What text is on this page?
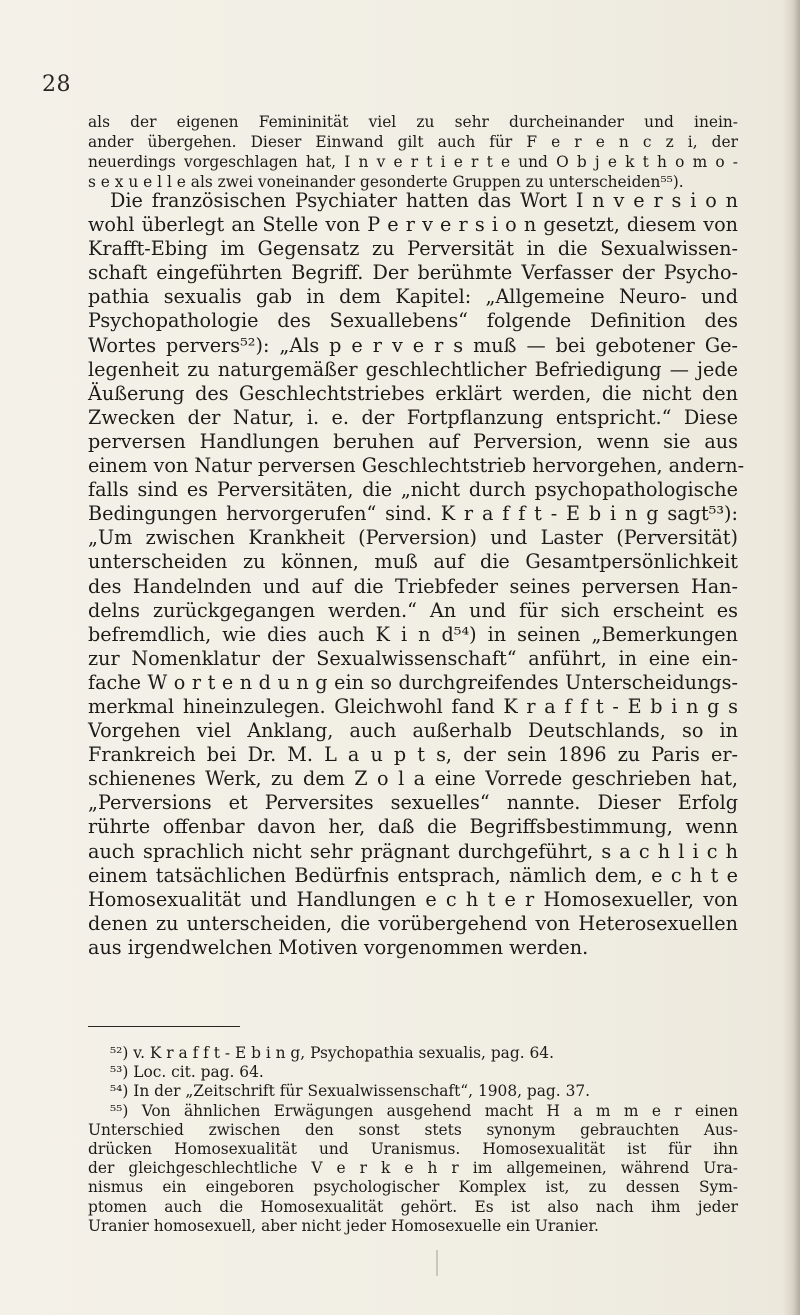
28
als der eigenen Femininität viel zu sehr durcheinander und inein-
ander übergehen. Dieser Einwand gilt auch für F e r e n c z i, der
neuerdings vorgeschlagen hat, I n v e r t i e r t e und O b j e k t h o m o -
s e x u e l l e als zwei voneinander gesonderte Gruppen zu unterscheiden⁵⁵).
Die französischen Psychiater hatten das Wort I n v e r s i o n
wohl überlegt an Stelle von P e r v e r s i o n gesetzt, diesem von
Krafft-Ebing im Gegensatz zu Perversität in die Sexualwissen-
schaft eingeführten Begriff. Der berühmte Verfasser der Psycho-
pathia sexualis gab in dem Kapitel: „Allgemeine Neuro- und
Psychopathologie des Sexuallebens“ folgende Definition des
Wortes pervers⁵²): „Als p e r v e r s muß — bei gebotener Ge-
legenheit zu naturgemäßer geschlechtlicher Befriedigung — jede
Äußerung des Geschlechtstriebes erklärt werden, die nicht den
Zwecken der Natur, i. e. der Fortpflanzung entspricht.“ Diese
perversen Handlungen beruhen auf Perversion, wenn sie aus
einem von Natur perversen Geschlechtstrieb hervorgehen, andern-
falls sind es Perversitäten, die „nicht durch psychopathologische
Bedingungen hervorgerufen“ sind. K r a f f t - E b i n g sagt⁵³):
„Um zwischen Krankheit (Perversion) und Laster (Perversität)
unterscheiden zu können, muß auf die Gesamtpersönlichkeit
des Handelnden und auf die Triebfeder seines perversen Han-
delns zurückgegangen werden.“ An und für sich erscheint es
befremdlich, wie dies auch K i n d⁵⁴) in seinen „Bemerkungen
zur Nomenklatur der Sexualwissenschaft“ anführt, in eine ein-
fache W o r t e n d u n g ein so durchgreifendes Unterscheidungs-
merkmal hineinzulegen. Gleichwohl fand K r a f f t - E b i n g s
Vorgehen viel Anklang, auch außerhalb Deutschlands, so in
Frankreich bei Dr. M. L a u p t s, der sein 1896 zu Paris er-
schienenes Werk, zu dem Z o l a eine Vorrede geschrieben hat,
„Perversions et Perversites sexuelles“ nannte. Dieser Erfolg
rührte offenbar davon her, daß die Begriffsbestimmung, wenn
auch sprachlich nicht sehr prägnant durchgeführt, s a c h l i c h
einem tatsächlichen Bedürfnis entsprach, nämlich dem, e c h t e
Homosexualität und Handlungen e c h t e r Homosexueller, von
denen zu unterscheiden, die vorübergehend von Heterosexuellen
aus irgendwelchen Motiven vorgenommen werden.
⁵²) v. K r a f f t - E b i n g, Psychopathia sexualis, pag. 64.
⁵³) Loc. cit. pag. 64.
⁵⁴) In der „Zeitschrift für Sexualwissenschaft“, 1908, pag. 37.
⁵⁵) Von ähnlichen Erwägungen ausgehend macht H a m m e r einen
Unterschied zwischen den sonst stets synonym gebrauchten Aus-
drücken Homosexualität und Uranismus. Homosexualität ist für ihn
der gleichgeschlechtliche V e r k e h r im allgemeinen, während Ura-
nismus ein eingeboren psychologischer Komplex ist, zu dessen Sym-
ptomen auch die Homosexualität gehört. Es ist also nach ihm jeder
Uranier homosexuell, aber nicht jeder Homosexuelle ein Uranier.
